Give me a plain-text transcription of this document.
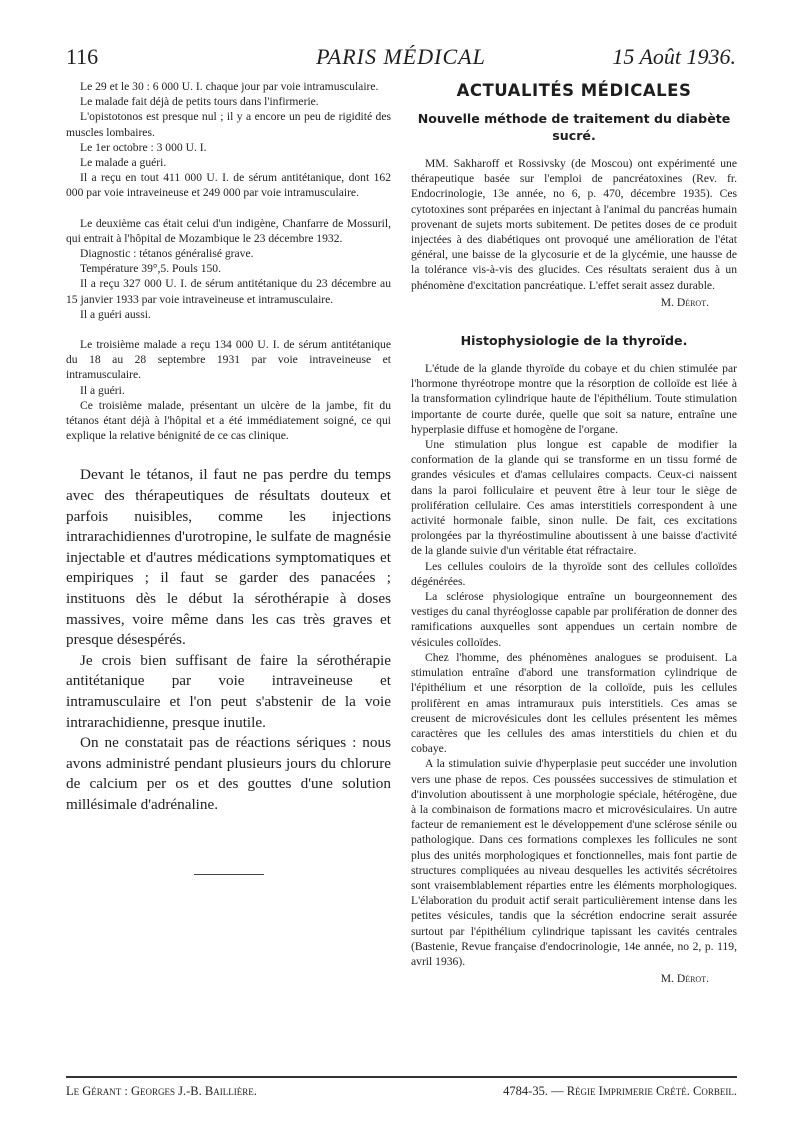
116	PARIS MÉDICAL	15 Août 1936.

Le 29 et le 30 : 6 000 U. I. chaque jour par voie intramusculaire.

Le malade fait déjà de petits tours dans l'infirmerie.

L'opistotonos est presque nul ; il y a encore un peu de rigidité des muscles lombaires.

Le 1er octobre : 3 000 U. I.

Le malade a guéri.

Il a reçu en tout 411 000 U. I. de sérum antitétanique, dont 162 000 par voie intraveineuse et 249 000 par voie intramusculaire.

Le deuxième cas était celui d'un indigène, Chanfarre de Mossuril, qui entrait à l'hôpital de Mozambique le 23 décembre 1932.

Diagnostic : tétanos généralisé grave.

Température 39°,5. Pouls 150.

Il a reçu 327 000 U. I. de sérum antitétanique du 23 décembre au 15 janvier 1933 par voie intraveineuse et intramusculaire.

Il a guéri aussi.

Le troisième malade a reçu 134 000 U. I. de sérum antitétanique du 18 au 28 septembre 1931 par voie intraveineuse et intramusculaire.

Il a guéri.

Ce troisième malade, présentant un ulcère de la jambe, fit du tétanos étant déjà à l'hôpital et a été immédiatement soigné, ce qui explique la relative bénignité de ce cas clinique.

Devant le tétanos, il faut ne pas perdre du temps avec des thérapeutiques de résultats douteux et parfois nuisibles, comme les injections intrarachidiennes d'urotropine, le sulfate de magnésie injectable et d'autres médications symptomatiques et empiriques ; il faut se garder des panacées ; instituons dès le début la sérothérapie à doses massives, voire même dans les cas très graves et presque désespérés.

Je crois bien suffisant de faire la sérothérapie antitétanique par voie intraveineuse et intramusculaire et l'on peut s'abstenir de la voie intrarachidienne, presque inutile.

On ne constatait pas de réactions sériques : nous avons administré pendant plusieurs jours du chlorure de calcium per os et des gouttes d'une solution millésimale d'adrénaline.

ACTUALITÉS MÉDICALES
Nouvelle méthode de traitement du diabète sucré.

MM. Sakharoff et Rossivsky (de Moscou) ont expérimenté une thérapeutique basée sur l'emploi de pancréatoxines (Rev. fr. Endocrinologie, 13e année, no 6, p. 470, décembre 1935). Ces cytotoxines sont préparées en injectant à l'animal du pancréas humain provenant de sujets morts subitement. De petites doses de ce produit injectées à des diabétiques ont provoqué une amélioration de l'état général, une baisse de la glycosurie et de la glycémie, une hausse de la tolérance vis-à-vis des glucides. Ces résultats seraient dus à un phénomène d'excitation pancréatique. L'effet serait assez durable.

M. Dérot.

Histophysiologie de la thyroïde.

L'étude de la glande thyroïde du cobaye et du chien stimulée par l'hormone thyréotrope montre que la résorption de colloïde est liée à la transformation cylindrique haute de l'épithélium. Toute stimulation importante de courte durée, quelle que soit sa nature, entraîne une hyperplasie diffuse et homogène de l'organe.

Une stimulation plus longue est capable de modifier la conformation de la glande qui se transforme en un tissu formé de grandes vésicules et d'amas cellulaires compacts. Ceux-ci naissent dans la paroi folliculaire et peuvent être à leur tour le siège de prolifération cellulaire. Ces amas interstitiels correspondent à une activité hormonale faible, sinon nulle. De fait, ces excitations prolongées par la thyréostimuline aboutissent à une baisse d'activité de la glande suivie d'un véritable état réfractaire.

Les cellules couloirs de la thyroïde sont des cellules colloïdes dégénérées.

La sclérose physiologique entraîne un bourgeonnement des vestiges du canal thyréoglosse capable par prolifération de donner des ramifications auxquelles sont appendues un certain nombre de vésicules colloïdes.

Chez l'homme, des phénomènes analogues se produisent. La stimulation entraîne d'abord une transformation cylindrique de l'épithélium et une résorption de la colloïde, puis les cellules prolifèrent en amas intramuraux puis interstitiels. Ces amas se creusent de microvésicules dont les cellules présentent les mêmes caractères que les cellules des amas interstitiels du chien et du cobaye.

A la stimulation suivie d'hyperplasie peut succéder une involution vers une phase de repos. Ces poussées successives de stimulation et d'involution aboutissent à une morphologie spéciale, hétérogène, due à la combinaison de formations macro et microvésiculaires. Un autre facteur de remaniement est le développement d'une sclérose sénile ou pathologique. Dans ces formations complexes les follicules ne sont plus des unités morphologiques et fonctionnelles, mais font partie de structures compliquées au niveau desquelles les activités sécrétoires sont vraisemblablement réparties entre les éléments morphologiques. L'élaboration du produit actif serait particulièrement intense dans les petites vésicules, tandis que la sécrétion endocrine serait assurée surtout par l'épithélium cylindrique tapissant les cavités centrales (Bastenie, Revue française d'endocrinologie, 14e année, no 2, p. 119, avril 1936).

M. Dérot.

Le Gérant : Georges J.-B. Baillière.	4784-35. — Régie Imprimerie Crété. Corbeil.
